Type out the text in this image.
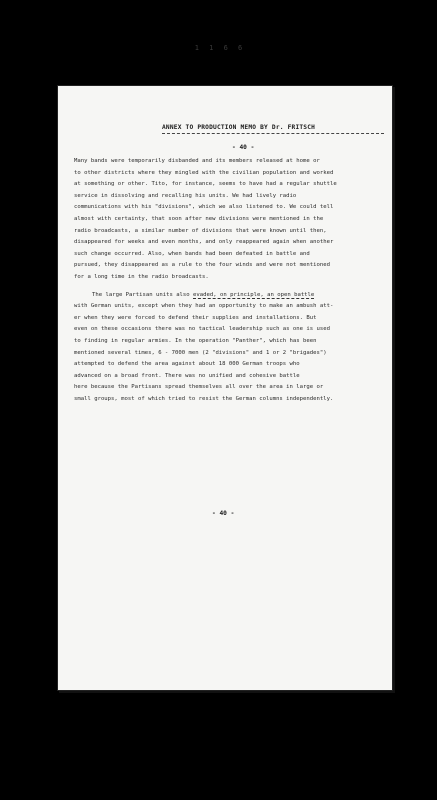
1 1 6 6
ANNEX TO PRODUCTION MEMO BY Dr. FRITSCH
- 40 -
Many bands were temporarily disbanded and its members released at home or
to other districts where they mingled with the civilian population and worked
at something or other. Tito, for instance, seems to have had a regular shuttle
service in dissolving and recalling his units. We had lively radio
communications with his "divisions", which we also listened to. We could tell
almost with certainty, that soon after new divisions were mentioned in the
radio broadcasts, a similar number of divisions that were known until then,
disappeared for weeks and even months, and only reappeared again when another
such change occurred. Also, when bands had been defeated in battle and
pursued, they disappeared as a rule to the four winds and were not mentioned
for a long time in the radio broadcasts.
The large Partisan units also evaded, on principle, an open battle
with German units, except when they had an opportunity to make an ambush att-
er when they were forced to defend their supplies and installations. But
even on these occasions there was no tactical leadership such as one is used
to finding in regular armies. In the operation "Panther", which has been
mentioned several times, 6 - 7000 men (2 "divisions" and 1 or 2 "brigades")
attempted to defend the area against about 18 000 German troops who
advanced on a broad front. There was no unified and cohesive battle
here because the Partisans spread themselves all over the area in large or
small groups, most of which tried to resist the German columns independently.
- 40 -
